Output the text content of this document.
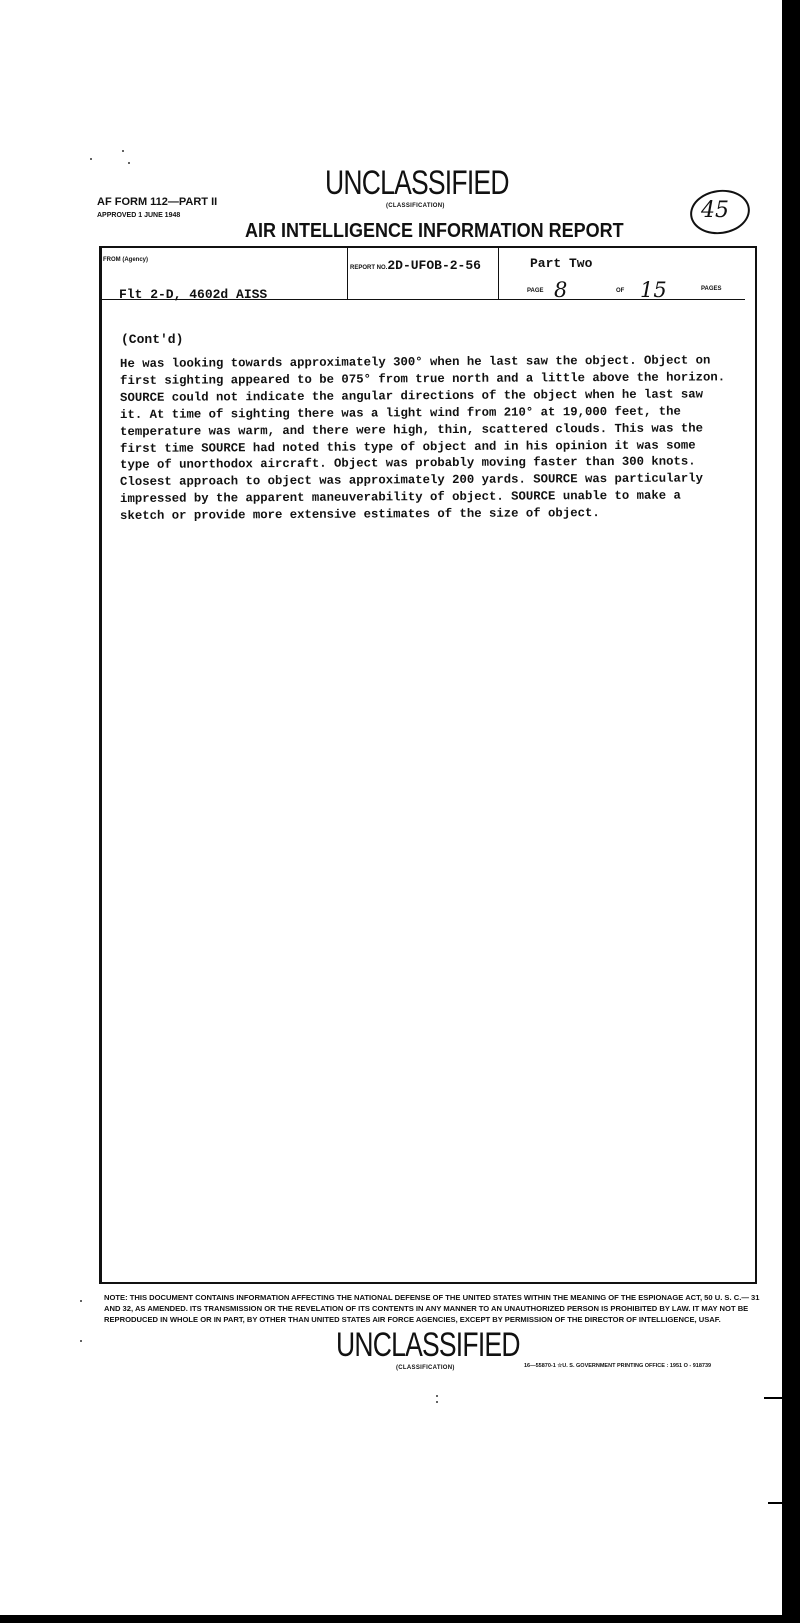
AF FORM 112—PART II
APPROVED 1 JUNE 1948
UNCLASSIFIED
(CLASSIFICATION)
AIR INTELLIGENCE INFORMATION REPORT
45
FROM (Agency)
Flt 2-D, 4602d AISS
REPORT NO.2D-UFOB-2-56	Part Two
PAGE 8	OF 15	PAGES
(Cont'd)
He was looking towards approximately 300° when he last saw the object. Object on
first sighting appeared to be 075° from true north and a little above the horizon.
SOURCE could not indicate the angular directions of the object when he last saw
it. At time of sighting there was a light wind from 210° at 19,000 feet, the
temperature was warm, and there were high, thin, scattered clouds. This was the
first time SOURCE had noted this type of object and in his opinion it was some
type of unorthodox aircraft. Object was probably moving faster than 300 knots.
Closest approach to object was approximately 200 yards. SOURCE was particularly
impressed by the apparent maneuverability of object. SOURCE unable to make a
sketch or provide more extensive estimates of the size of object.
NOTE: THIS DOCUMENT CONTAINS INFORMATION AFFECTING THE NATIONAL DEFENSE OF THE UNITED STATES WITHIN THE MEANING OF THE ESPIONAGE ACT, 50 U. S. C.— 31 AND 32, AS AMENDED. ITS TRANSMISSION OR THE REVELATION OF ITS CONTENTS IN ANY MANNER TO AN UNAUTHORIZED PERSON IS PROHIBITED BY LAW. IT MAY NOT BE REPRODUCED IN WHOLE OR IN PART, BY OTHER THAN UNITED STATES AIR FORCE AGENCIES, EXCEPT BY PERMISSION OF THE DIRECTOR OF INTELLIGENCE, USAF.
UNCLASSIFIED
(CLASSIFICATION)	16—55870-1 ☆U. S. GOVERNMENT PRINTING OFFICE : 1951 O - 918739
